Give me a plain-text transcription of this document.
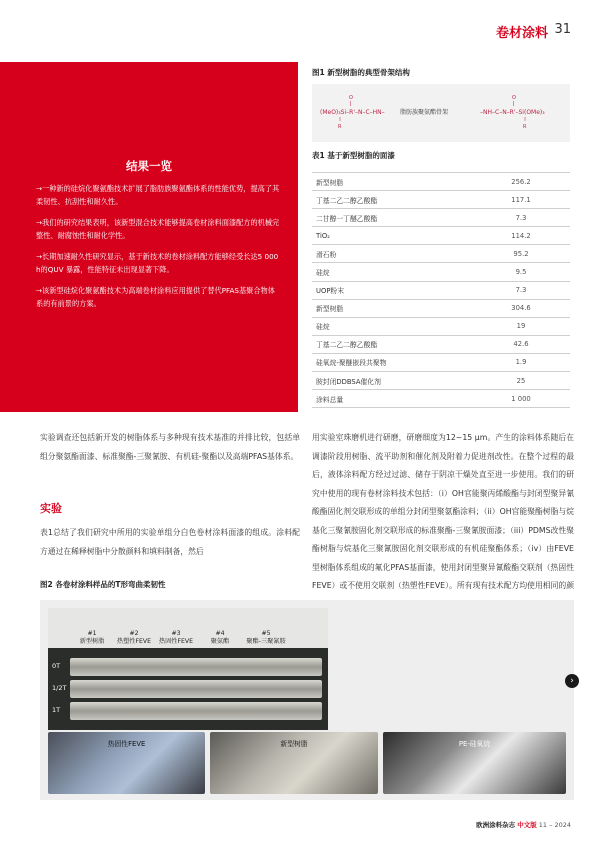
卷材涂料 31
结果一览
→一种新的硅烷化聚氨酯技术扩展了脂肪族聚氨酯体系的性能优势，提高了其柔韧性、抗刮性和耐久性。
→我们的研究结果表明，该新型混合技术能够提高卷材涂料面漆配方的机械完整性、耐腐蚀性和耐化学性。
→长期加速耐久性研究显示，基于新技术的卷材涂料配方能够经受长达5 000 h的QUV 暴露，性能特征未出现显著下降。
→该新型硅烷化聚氨酯技术为高端卷材涂料应用提供了替代PFAS基聚合物体系的有前景的方案。
图1 新型树脂的典型骨架结构
O
(MeO)₃Si–R'–N–C–HN–
R
脂肪族聚氨酯骨架
O
–NH–C–N–R'–Si(OMe)₃
R
表1 基于新型树脂的面漆
新型树脂	256.2
丁基二乙二醇乙酸酯	117.1
二甘醇一丁醚乙酸酯	7.3
TiO₂	114.2
滑石粉	95.2
硅烷	9.5
UOP粉末	7.3
新型树脂	304.6
硅烷	19
丁基二乙二醇乙酸酯	42.6
硅氧烷-聚醚嵌段共聚物	1.9
胺封闭DDBSA催化剂	25
涂料总量	1 000
实验调查还包括新开发的树脂体系与多种现有技术基准的并排比较，包括单组分聚氨酯面漆、标准聚酯-三聚氰胺、有机硅-聚酯以及高端PFAS基体系。
实验
表1总结了我们研究中所用的实验单组分白色卷材涂料面漆的组成。涂料配方通过在稀释树脂中分散颜料和填料制备，然后
用实验室珠磨机进行研磨，研磨细度为12~15 μm。产生的涂料体系随后在调漆阶段用树脂、流平助剂和催化剂及附着力促进剂改性。在整个过程的最后，液体涂料配方经过过滤、储存于阴凉干燥处直至进一步使用。我们的研究中使用的现有卷材涂料技术包括：（i）OH官能聚丙烯酸酯与封闭型聚异氰酸酯固化剂交联形成的单组分封闭型聚氨酯涂料；（ii）OH官能聚酯树脂与烷基化三聚氰胺固化剂交联形成的标准聚酯-三聚氰胺面漆；（iii）PDMS改性聚酯树脂与烷基化三聚氰胺固化剂交联形成的有机硅聚酯体系；（iv）由FEVE型树脂体系组成的氟化PFAS基面漆，使用封闭型聚异氰酸酯交联剂（热固性FEVE）或不使用交联剂（热塑性FEVE）。所有现有技术配方均使用相同的颜
图2 各卷材涂料样品的T形弯曲柔韧性
#1
新型树脂
#2
热塑性FEVE
#3
热固性FEVE
#4
聚氨酯
#5
聚酯-三聚氰胺
0T
1/2T
1T
热固性FEVE	新型树脂	PE-硅氧烷
›
欧洲涂料杂志 中文版 11 – 2024
